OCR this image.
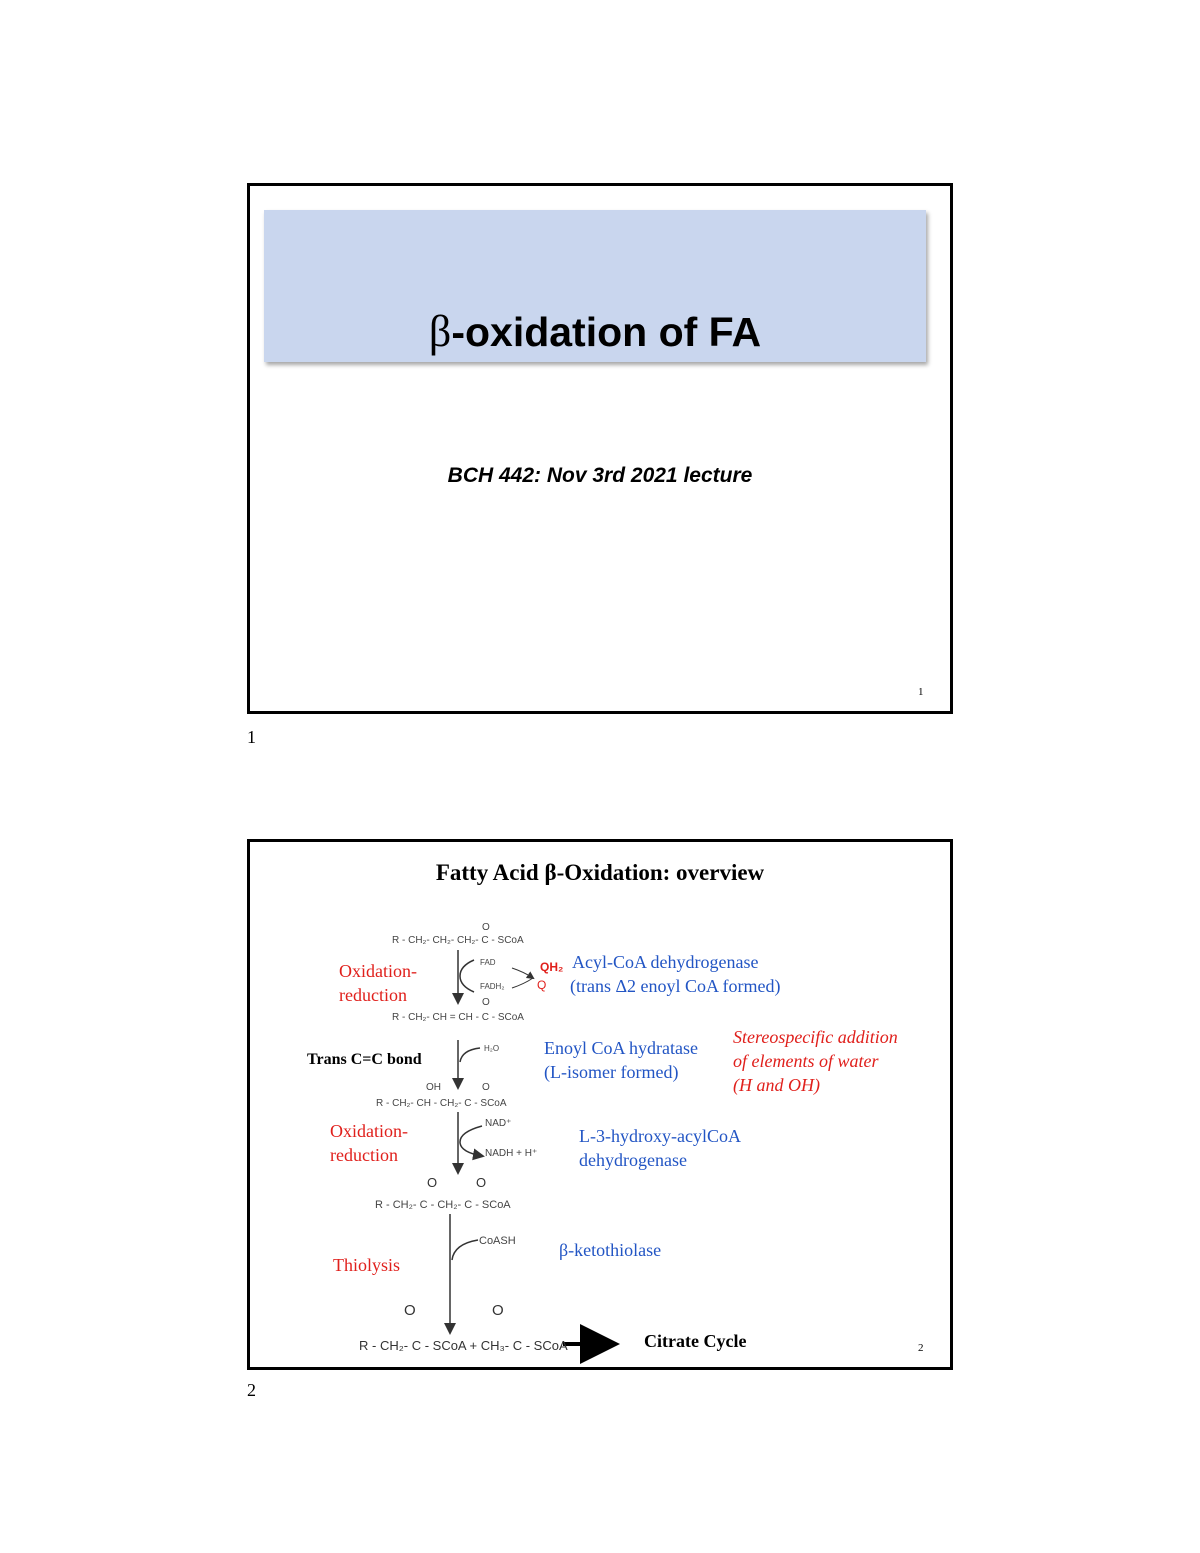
β-oxidation of FA
BCH 442: Nov 3rd 2021 lecture
1
1
Fatty Acid β-Oxidation: overview
O
R - CH₂- CH₂- CH₂- C - SCoA
FAD
FADH₂
QH₂
Q
O
R - CH₂- CH = CH - C - SCoA
H₂O
OH	O
R - CH₂- CH - CH₂- C - SCoA
NAD⁺
NADH + H⁺
O	O
R - CH₂- C - CH₂- C - SCoA
CoASH
O	O
R - CH₂- C - SCoA + CH₃- C - SCoA
Oxidation-
reduction
Trans C=C bond
Oxidation-
reduction
Thiolysis
Acyl-CoA dehydrogenase
(trans Δ2 enoyl CoA formed)
Enoyl CoA hydratase
(L-isomer formed)
L-3-hydroxy-acylCoA
dehydrogenase
β-ketothiolase
Stereospecific addition
of elements of water
(H and OH)
Citrate Cycle	2
2
